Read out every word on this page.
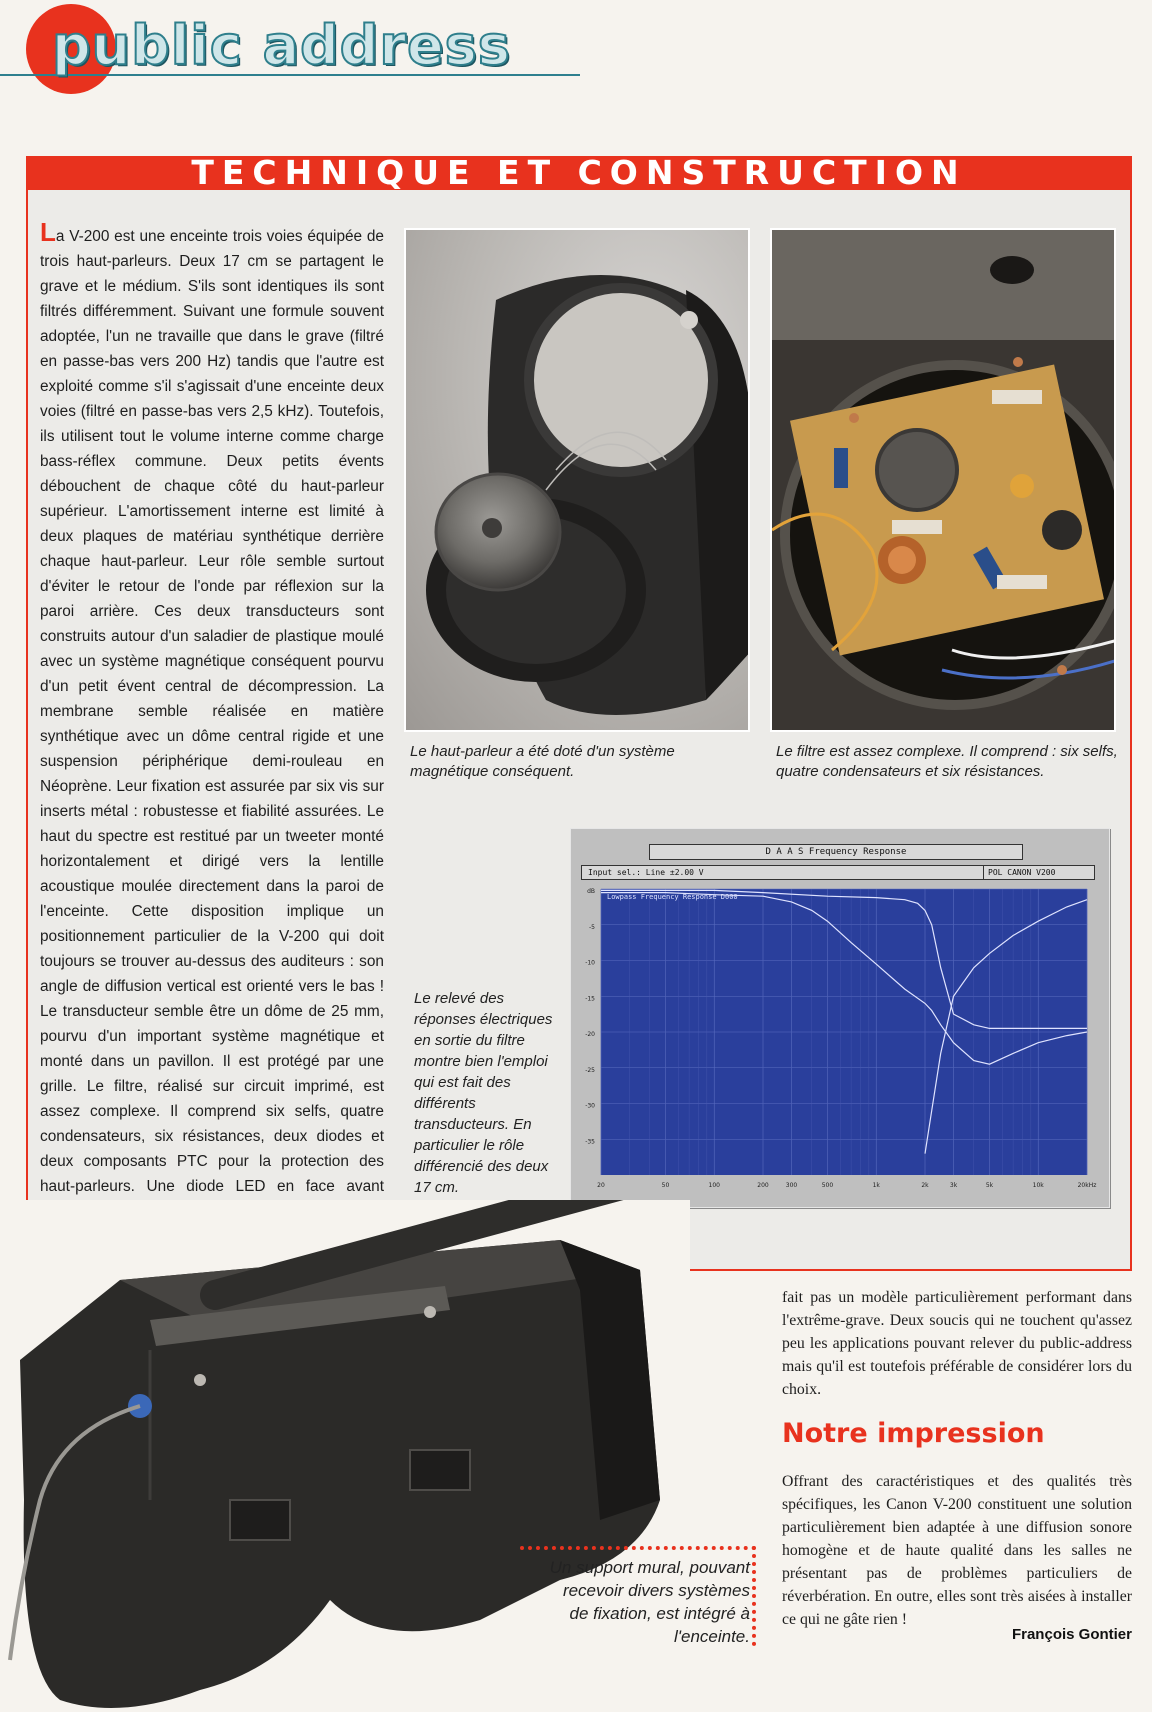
public address
TECHNIQUE ET CONSTRUCTION
La V-200 est une enceinte trois voies équipée de trois haut-parleurs. Deux 17 cm se partagent le grave et le médium. S'ils sont identiques ils sont filtrés différemment. Suivant une formule souvent adoptée, l'un ne travaille que dans le grave (filtré en passe-bas vers 200 Hz) tandis que l'autre est exploité comme s'il s'agissait d'une enceinte deux voies (filtré en passe-bas vers 2,5 kHz). Toutefois, ils utilisent tout le volume interne comme charge bass-réflex commune. Deux petits évents débouchent de chaque côté du haut-parleur supérieur. L'amortissement interne est limité à deux plaques de matériau synthétique derrière chaque haut-parleur. Leur rôle semble surtout d'éviter le retour de l'onde par réflexion sur la paroi arrière. Ces deux transducteurs sont construits autour d'un saladier de plastique moulé avec un système magnétique conséquent pourvu d'un petit évent central de décompression. La membrane semble réalisée en matière synthétique avec un dôme central rigide et une suspension périphérique demi-rouleau en Néoprène. Leur fixation est assurée par six vis sur inserts métal : robustesse et fiabilité assurées. Le haut du spectre est restitué par un tweeter monté horizontalement et dirigé vers la lentille acoustique moulée directement dans la paroi de l'enceinte. Cette disposition implique un positionnement particulier de la V-200 qui doit toujours se trouver au-dessus des auditeurs : son angle de diffusion vertical est orienté vers le bas ! Le transducteur semble être un dôme de 25 mm, pourvu d'un important système magnétique et monté dans un pavillon. Il est protégé par une grille. Le filtre, réalisé sur circuit imprimé, est assez complexe. Il comprend six selfs, quatre condensateurs, six résistances, deux diodes et deux composants PTC pour la protection des haut-parleurs. Une diode LED en face avant
Le haut-parleur a été doté d'un système magnétique conséquent.
Le filtre est assez complexe. Il comprend : six selfs, quatre condensateurs et six résistances.
Le relevé des réponses électriques en sortie du filtre montre bien l'emploi qui est fait des différents transducteurs. En particulier le rôle différencié des deux 17 cm.
D A A S Frequency Response
Input sel.: Line ±2.00 V	POL CANON V200
dB
-5
-10
-15
-20
-25
-30
-35
20	50	100	200	300	500	1k	2k	3k	5k	10k	20kHz
Lowpass Frequency Response D000
fait pas un modèle particulièrement performant dans l'extrême-grave. Deux soucis qui ne touchent qu'assez peu les applications pouvant relever du public-address mais qu'il est toutefois préférable de considérer lors du choix.
Notre impression
Offrant des caractéristiques et des qualités très spécifiques, les Canon V-200 constituent une solution particulièrement bien adaptée à une diffusion sonore homogène et de haute qualité dans les salles ne présentant pas de problèmes particuliers de réverbération. En outre, elles sont très aisées à installer ce qui ne gâte rien !
François Gontier
Un support mural, pouvant recevoir divers systèmes de fixation, est intégré à l'enceinte.
